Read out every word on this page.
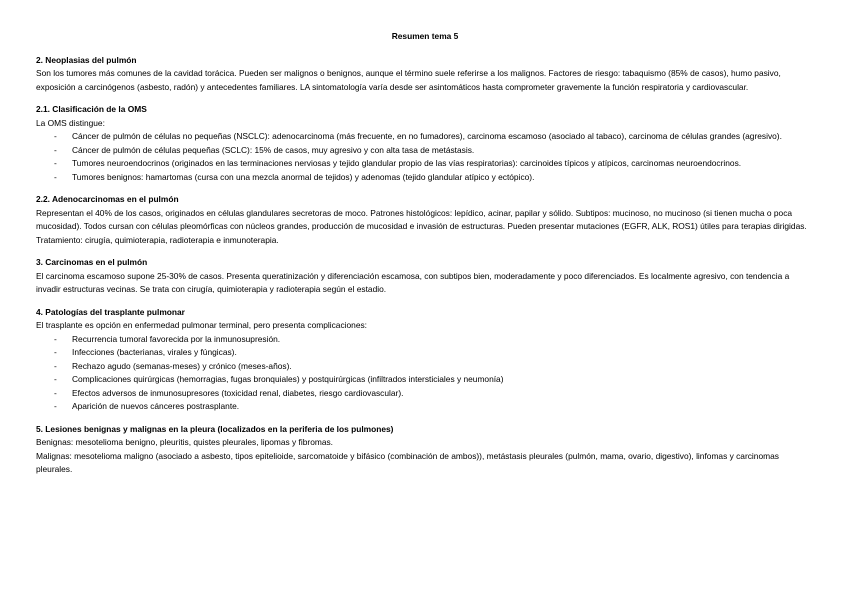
Resumen tema 5

2. Neoplasias del pulmón

Son los tumores más comunes de la cavidad torácica. Pueden ser malignos o benignos, aunque el término suele referirse a los malignos. Factores de riesgo: tabaquismo (85% de casos), humo pasivo, exposición a carcinógenos (asbesto, radón) y antecedentes familiares. LA sintomatología varía desde ser asintomáticos hasta comprometer gravemente la función respiratoria y cardiovascular.

2.1. Clasificación de la OMS

La OMS distingue:

- Cáncer de pulmón de células no pequeñas (NSCLC): adenocarcinoma (más frecuente, en no fumadores), carcinoma escamoso (asociado al tabaco), carcinoma de células grandes (agresivo).
- Cáncer de pulmón de células pequeñas (SCLC): 15% de casos, muy agresivo y con alta tasa de metástasis.
- Tumores neuroendocrinos (originados en las terminaciones nerviosas y tejido glandular propio de las vías respiratorias): carcinoides típicos y atípicos, carcinomas neuroendocrinos.
- Tumores benignos: hamartomas (cursa con una mezcla anormal de tejidos) y adenomas (tejido glandular atípico y ectópico).

2.2. Adenocarcinomas en el pulmón

Representan el 40% de los casos, originados en células glandulares secretoras de moco. Patrones histológicos: lepídico, acinar, papilar y sólido. Subtipos: mucinoso, no mucinoso (si tienen mucha o poca mucosidad). Todos cursan con células pleomórficas con núcleos grandes, producción de mucosidad e invasión de estructuras. Pueden presentar mutaciones (EGFR, ALK, ROS1) útiles para terapias dirigidas. Tratamiento: cirugía, quimioterapia, radioterapia e inmunoterapia.

3. Carcinomas en el pulmón

El carcinoma escamoso supone 25-30% de casos. Presenta queratinización y diferenciación escamosa, con subtipos bien, moderadamente y poco diferenciados. Es localmente agresivo, con tendencia a invadir estructuras vecinas. Se trata con cirugía, quimioterapia y radioterapia según el estadio.

4. Patologías del trasplante pulmonar

El trasplante es opción en enfermedad pulmonar terminal, pero presenta complicaciones:

- Recurrencia tumoral favorecida por la inmunosupresión.
- Infecciones (bacterianas, virales y fúngicas).
- Rechazo agudo (semanas-meses) y crónico (meses-años).
- Complicaciones quirúrgicas (hemorragias, fugas bronquiales) y postquirúrgicas (infiltrados intersticiales y neumonía)
- Efectos adversos de inmunosupresores (toxicidad renal, diabetes, riesgo cardiovascular).
- Aparición de nuevos cánceres postrasplante.

5. Lesiones benignas y malignas en la pleura (localizados en la periferia de los pulmones)

Benignas: mesotelioma benigno, pleuritis, quistes pleurales, lipomas y fibromas.

Malignas: mesotelioma maligno (asociado a asbesto, tipos epitelioide, sarcomatoide y bifásico (combinación de ambos)), metástasis pleurales (pulmón, mama, ovario, digestivo), linfomas y carcinomas pleurales.
